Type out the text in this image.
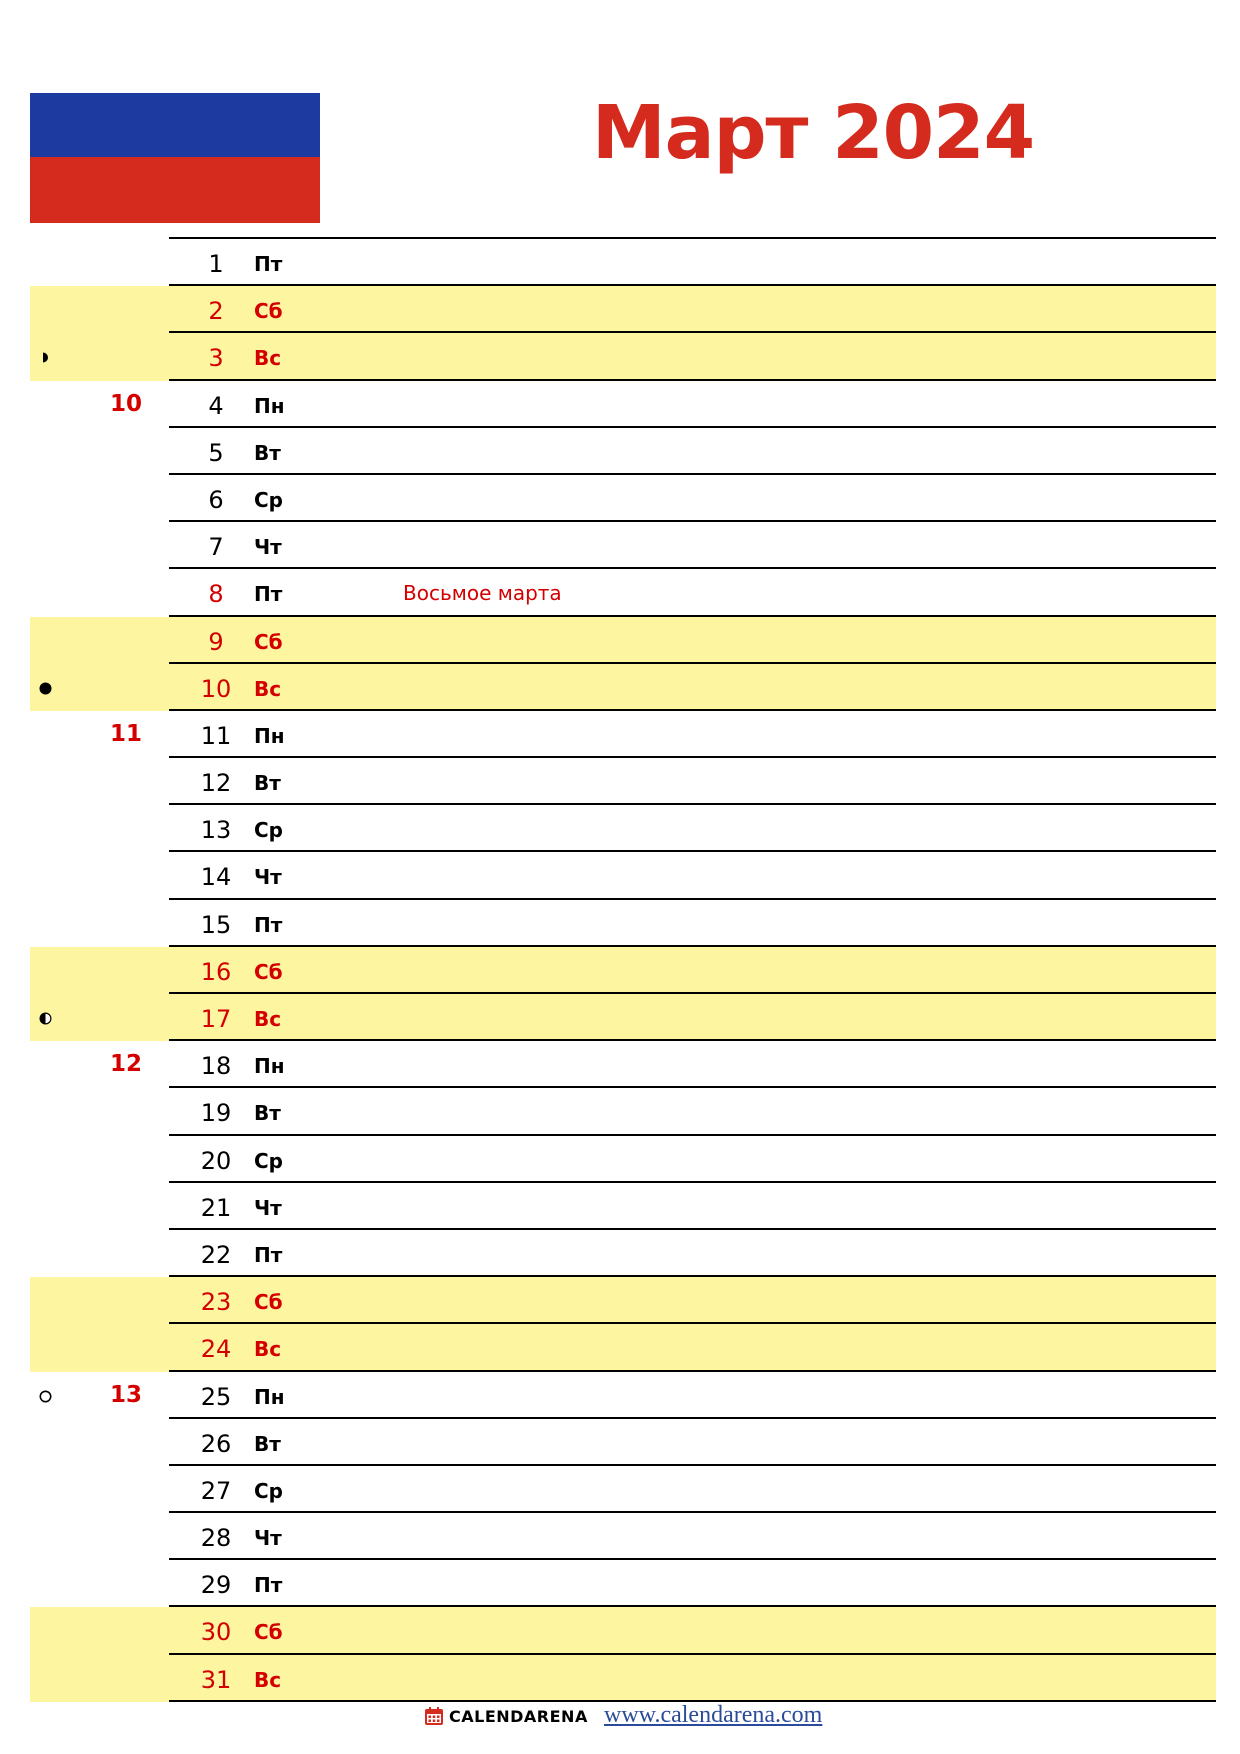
Март 2024
1	Пт
2	Сб
3	Вс
10	4	Пн
5	Вт
6	Ср
7	Чт
8	Пт	Восьмое марта
9	Сб
10	Вс
11	11	Пн
12	Вт
13	Ср
14	Чт
15	Пт
16	Сб
17	Вс
12	18	Пн
19	Вт
20	Ср
21	Чт
22	Пт
23	Сб
24	Вс
13	25	Пн
26	Вт
27	Ср
28	Чт
29	Пт
30	Сб
31	Вс
CALENDARENA www.calendarena.com
